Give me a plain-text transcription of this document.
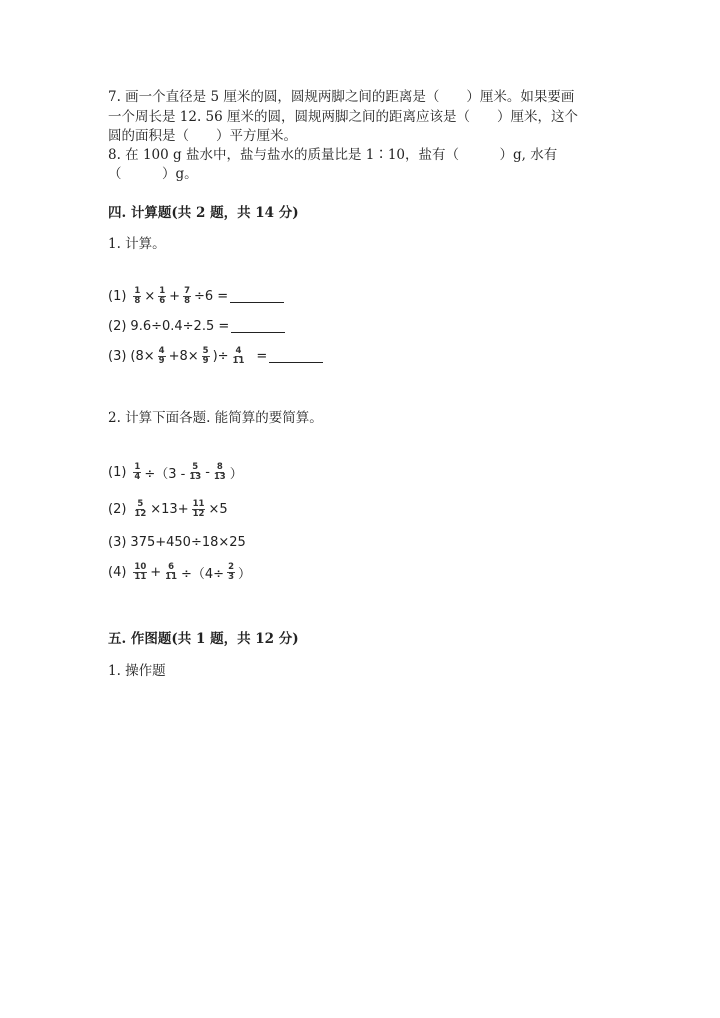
7. 画一个直径是 5 厘米的圆，圆规两脚之间的距离是（　　）厘米。如果要画
一个周长是 12. 56 厘米的圆，圆规两脚之间的距离应该是（　　）厘米，这个
圆的面积是（　　）平方厘米。
8. 在 100 g 盐水中，盐与盐水的质量比是 1∶10，盐有（　　　）g, 水有
（　　　）g。
四. 计算题(共 2 题，共 14 分)
1. 计算。
$(1) \frac{1}{8} \times \frac{1}{6} + \frac{7}{8} \div 6$ =
(2) 9.6÷0.4÷2.5 =
(3) ($8\times \frac{4}{9} +8\times \frac{5}{9}$ )÷ $\frac{4}{11}$ =
2. 计算下面各题. 能简算的要简算。
$(1) \frac{1}{4} \div(3 - \frac{5}{13} - \frac{8}{13}$ ）
$(2) \frac{5}{12} \times 13+ \frac{11}{12} \times 5$
(3) 375+450÷18×25
$(4) \frac{10}{11} + \frac{6}{11} \div(4\div \frac{2}{3}$ ）
五. 作图题(共 1 题，共 12 分)
1. 操作题
